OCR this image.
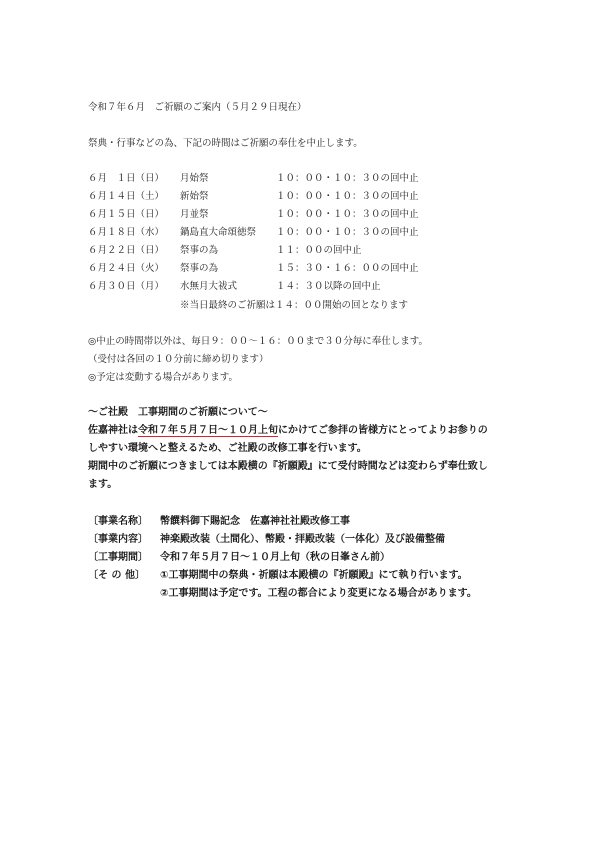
令和７年６月　ご祈願のご案内（５月２９日現在）
祭典・行事などの為、下記の時間はご祈願の奉仕を中止します。
６月　１日（日） 月始祭	１０：００・１０：３０の回中止
６月１４日（土） 新始祭	１０：００・１０：３０の回中止
６月１５日（日） 月並祭	１０：００・１０：３０の回中止
６月１８日（水） 鍋島直大命頌徳祭 １０：００・１０：３０の回中止
６月２２日（日） 祭事の為	１１：００の回中止
６月２４日（火） 祭事の為	１５：３０・１６：００の回中止
６月３０日（月） 水無月大祓式	１４：３０以降の回中止
※当日最終のご祈願は１４：００開始の回となります
◎中止の時間帯以外は、毎日９：００～１６：００まで３０分毎に奉仕します。
（受付は各回の１０分前に締め切ります）
◎予定は変動する場合があります。
～ご社殿　工事期間のご祈願について～
佐嘉神社は令和７年５月７日～１０月上旬にかけてご参拝の皆様方にとってよりお参りの
しやすい環境へと整えるため、ご社殿の改修工事を行います。
期間中のご祈願につきましては本殿横の『祈願殿』にて受付時間などは変わらず奉仕致し
ます。
〔事業名称〕 幣饌料御下賜記念　佐嘉神社社殿改修工事
〔事業内容〕 神楽殿改装（土間化）、幣殿・拝殿改装（一体化）及び設備整備
〔工事期間〕 令和７年５月７日～１０月上旬（秋の日峯さん前）
〔そ の 他〕 ①工事期間中の祭典・祈願は本殿横の『祈願殿』にて執り行います。
②工事期間は予定です。工程の都合により変更になる場合があります。
